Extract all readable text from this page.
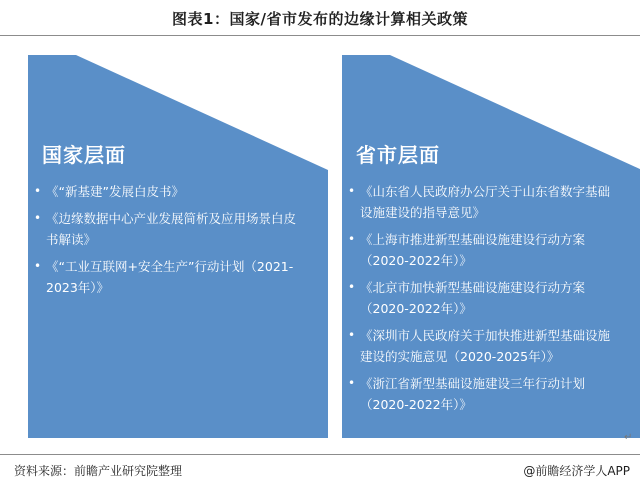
图表1：国家/省市发布的边缘计算相关政策
国家层面
• 《“新基建”发展白皮书》
• 《边缘数据中心产业发展简析及应用场景白皮书解读》
• 《“工业互联网+安全生产”行动计划（2021-2023年）》
省市层面
• 《山东省人民政府办公厅关于山东省数字基础设施建设的指导意见》
• 《上海市推进新型基础设施建设行动方案（2020-2022年）》
• 《北京市加快新型基础设施建设行动方案（2020-2022年）》
• 《深圳市人民政府关于加快推进新型基础设施建设的实施意见（2020-2025年）》
• 《浙江省新型基础设施建设三年行动计划（2020-2022年）》
↵
资料来源：前瞻产业研究院整理	@前瞻经济学人APP
